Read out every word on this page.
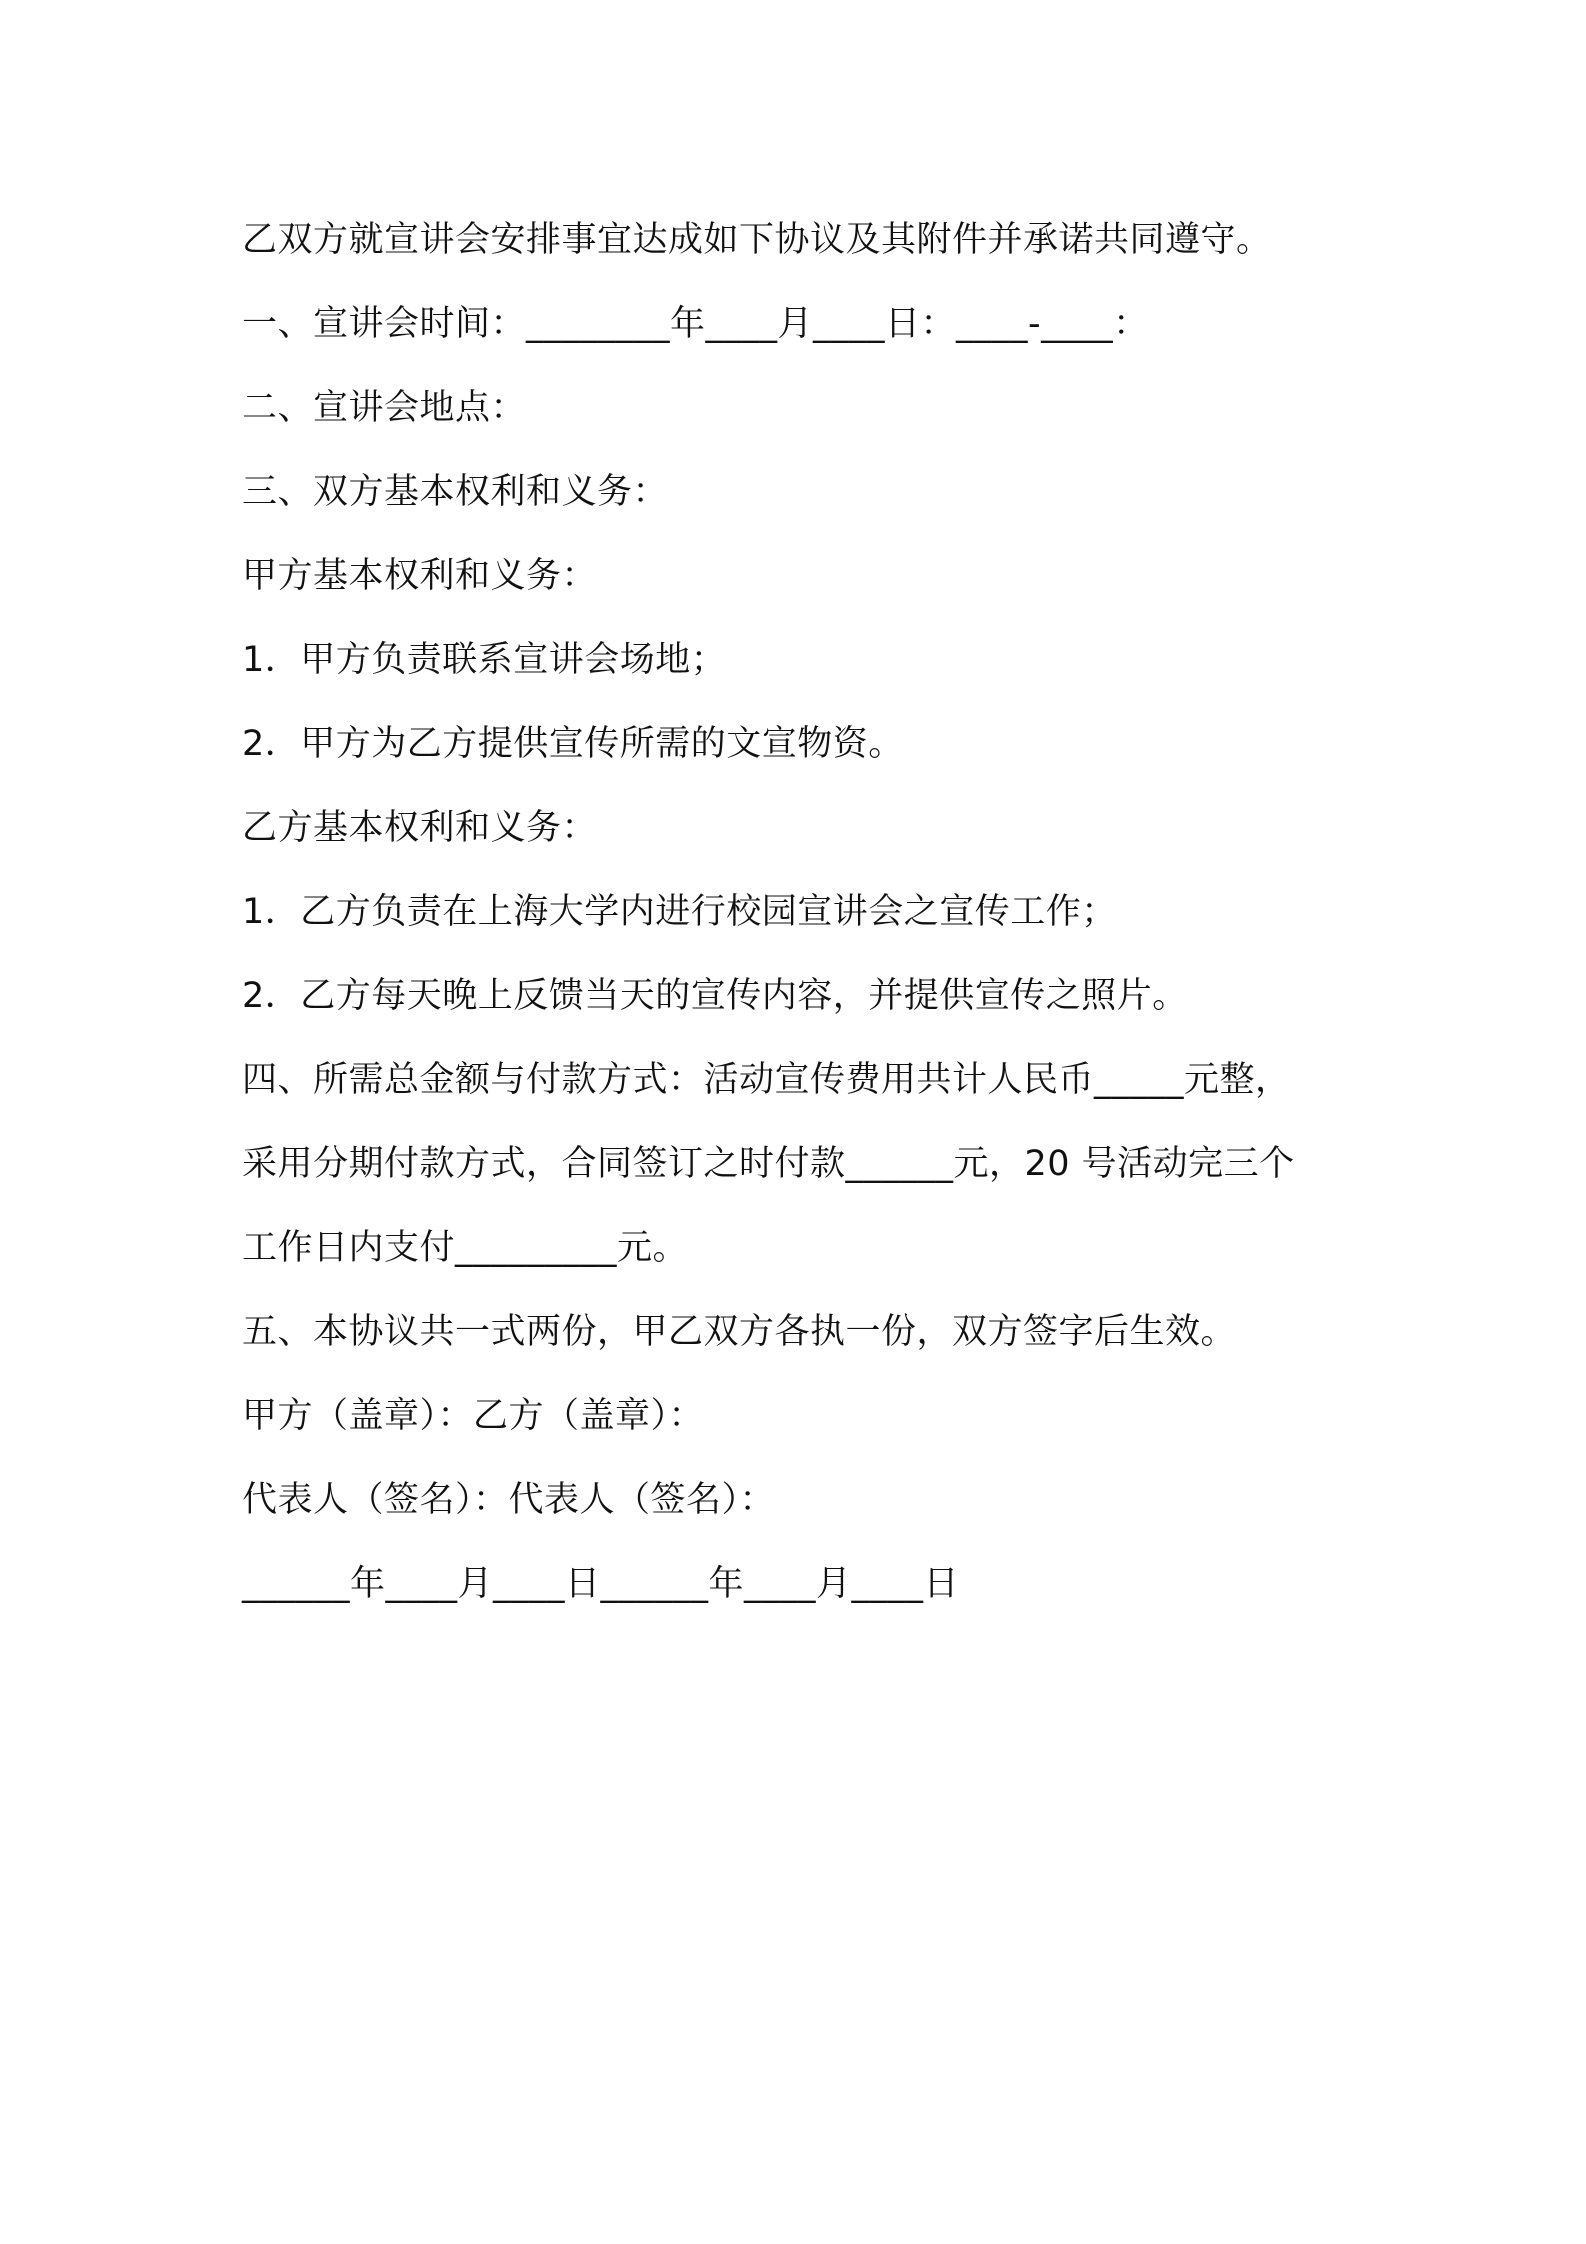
乙双方就宣讲会安排事宜达成如下协议及其附件并承诺共同遵守。
一、宣讲会时间：________年____月____日：____-____：
二、宣讲会地点：
三、双方基本权利和义务：
甲方基本权利和义务：
1．甲方负责联系宣讲会场地；
2．甲方为乙方提供宣传所需的文宣物资。
乙方基本权利和义务：
1．乙方负责在上海大学内进行校园宣讲会之宣传工作；
2．乙方每天晚上反馈当天的宣传内容，并提供宣传之照片。
四、所需总金额与付款方式：活动宣传费用共计人民币_____元整，
采用分期付款方式，合同签订之时付款______元，20 号活动完三个
工作日内支付_________元。
五、本协议共一式两份，甲乙双方各执一份，双方签字后生效。
甲方（盖章）：乙方（盖章）：
代表人（签名）：代表人（签名）：
______年____月____日______年____月____日
